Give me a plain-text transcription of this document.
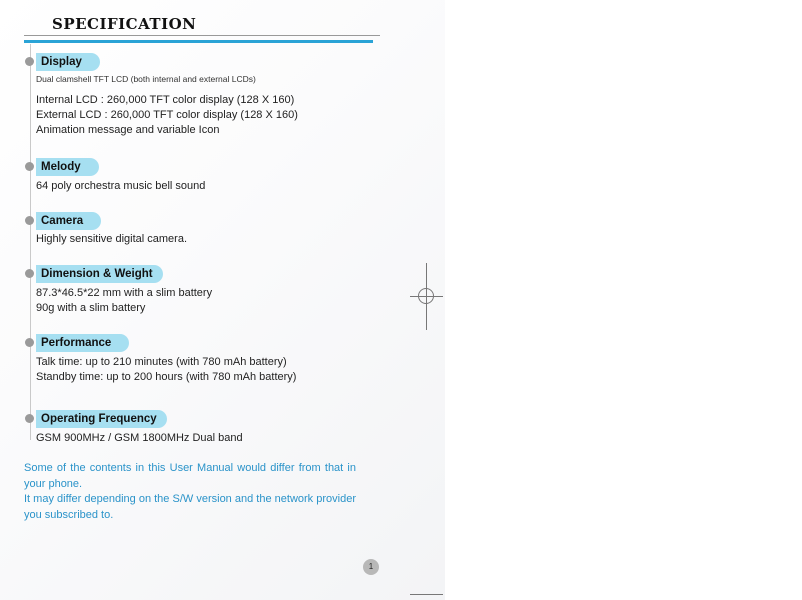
SPECIFICATION
Display
Dual clamshell TFT LCD (both internal and external LCDs)
Internal LCD : 260,000 TFT color display (128 X 160)
External LCD : 260,000 TFT color display (128 X 160)
Animation message and variable Icon
Melody
64 poly orchestra music bell sound
Camera
Highly sensitive digital camera.
Dimension & Weight
87.3*46.5*22 mm with a slim battery
90g with a slim battery
Performance
Talk time: up to 210 minutes (with 780 mAh battery)
Standby time: up to 200 hours (with 780 mAh battery)
Operating Frequency
GSM 900MHz / GSM 1800MHz Dual band

Some of the contents in this User Manual would differ from that in your phone.

It may differ depending on the S/W version and the network provider you subscribed to.

1
